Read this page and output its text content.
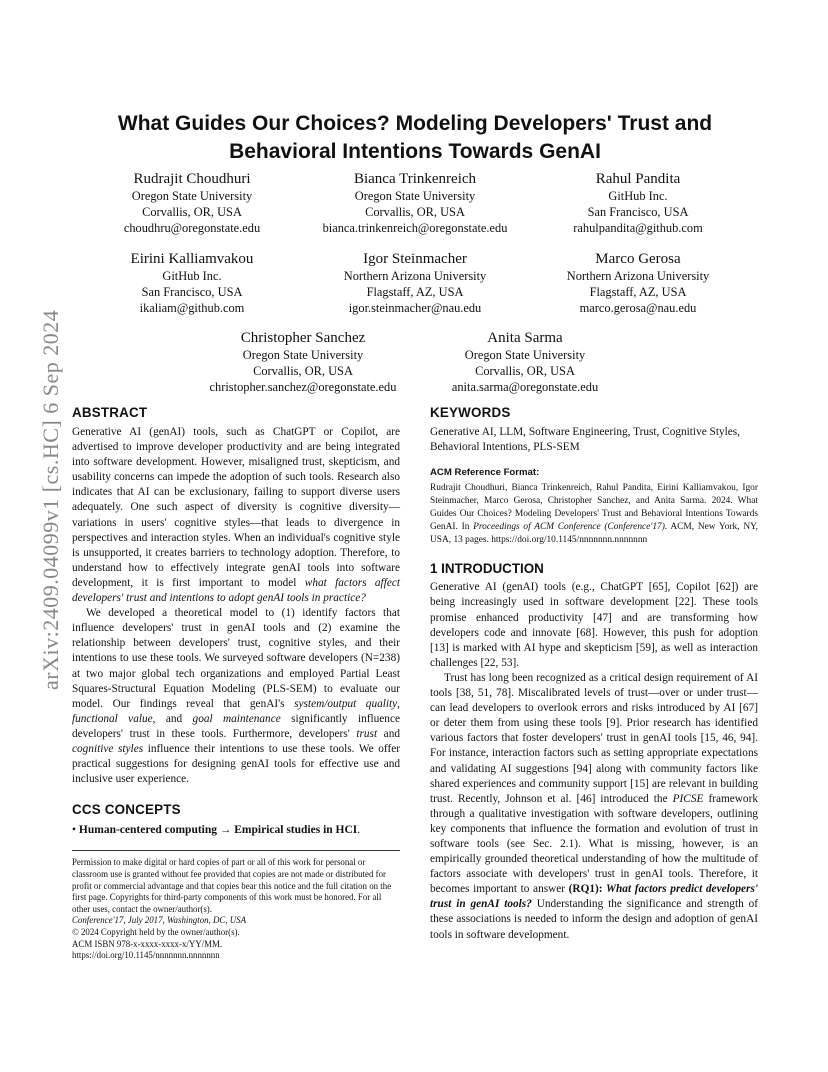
arXiv:2409.04099v1 [cs.HC] 6 Sep 2024
What Guides Our Choices? Modeling Developers' Trust and Behavioral Intentions Towards GenAI
Rudrajit Choudhuri
Oregon State University
Corvallis, OR, USA
choudhru@oregonstate.edu
Bianca Trinkenreich
Oregon State University
Corvallis, OR, USA
bianca.trinkenreich@oregonstate.edu
Rahul Pandita
GitHub Inc.
San Francisco, USA
rahulpandita@github.com
Eirini Kalliamvakou
GitHub Inc.
San Francisco, USA
ikaliam@github.com
Igor Steinmacher
Northern Arizona University
Flagstaff, AZ, USA
igor.steinmacher@nau.edu
Marco Gerosa
Northern Arizona University
Flagstaff, AZ, USA
marco.gerosa@nau.edu
Christopher Sanchez
Oregon State University
Corvallis, OR, USA
christopher.sanchez@oregonstate.edu
Anita Sarma
Oregon State University
Corvallis, OR, USA
anita.sarma@oregonstate.edu
ABSTRACT

Generative AI (genAI) tools, such as ChatGPT or Copilot, are advertised to improve developer productivity and are being integrated into software development. However, misaligned trust, skepticism, and usability concerns can impede the adoption of such tools. Research also indicates that AI can be exclusionary, failing to support diverse users adequately. One such aspect of diversity is cognitive diversity—variations in users' cognitive styles—that leads to divergence in perspectives and interaction styles. When an individual's cognitive style is unsupported, it creates barriers to technology adoption. Therefore, to understand how to effectively integrate genAI tools into software development, it is first important to model what factors affect developers' trust and intentions to adopt genAI tools in practice?

We developed a theoretical model to (1) identify factors that influence developers' trust in genAI tools and (2) examine the relationship between developers' trust, cognitive styles, and their intentions to use these tools. We surveyed software developers (N=238) at two major global tech organizations and employed Partial Least Squares-Structural Equation Modeling (PLS-SEM) to evaluate our model. Our findings reveal that genAI's system/output quality, functional value, and goal maintenance significantly influence developers' trust in these tools. Furthermore, developers' trust and cognitive styles influence their intentions to use these tools. We offer practical suggestions for designing genAI tools for effective use and inclusive user experience.

CCS CONCEPTS
• Human-centered computing → Empirical studies in HCI.
Permission to make digital or hard copies of part or all of this work for personal or classroom use is granted without fee provided that copies are not made or distributed for profit or commercial advantage and that copies bear this notice and the full citation on the first page. Copyrights for third-party components of this work must be honored. For all other uses, contact the owner/author(s).
Conference'17, July 2017, Washington, DC, USA
© 2024 Copyright held by the owner/author(s).
ACM ISBN 978-x-xxxx-xxxx-x/YY/MM.
https://doi.org/10.1145/nnnnnnn.nnnnnnn
KEYWORDS

Generative AI, LLM, Software Engineering, Trust, Cognitive Styles, Behavioral Intentions, PLS-SEM

ACM Reference Format:
Rudrajit Choudhuri, Bianca Trinkenreich, Rahul Pandita, Eirini Kalliamvakou, Igor Steinmacher, Marco Gerosa, Christopher Sanchez, and Anita Sarma. 2024. What Guides Our Choices? Modeling Developers' Trust and Behavioral Intentions Towards GenAI. In Proceedings of ACM Conference (Conference'17). ACM, New York, NY, USA, 13 pages. https://doi.org/10.1145/nnnnnnn.nnnnnnn
1 INTRODUCTION

Generative AI (genAI) tools (e.g., ChatGPT [65], Copilot [62]) are being increasingly used in software development [22]. These tools promise enhanced productivity [47] and are transforming how developers code and innovate [68]. However, this push for adoption [13] is marked with AI hype and skepticism [59], as well as interaction challenges [22, 53].

Trust has long been recognized as a critical design requirement of AI tools [38, 51, 78]. Miscalibrated levels of trust—over or under trust—can lead developers to overlook errors and risks introduced by AI [67] or deter them from using these tools [9]. Prior research has identified various factors that foster developers' trust in genAI tools [15, 46, 94]. For instance, interaction factors such as setting appropriate expectations and validating AI suggestions [94] along with community factors like shared experiences and community support [15] are relevant in building trust. Recently, Johnson et al. [46] introduced the PICSE framework through a qualitative investigation with software developers, outlining key components that influence the formation and evolution of trust in software tools (see Sec. 2.1). What is missing, however, is an empirically grounded theoretical understanding of how the multitude of factors associate with developers' trust in genAI tools. Therefore, it becomes important to answer (RQ1): What factors predict developers' trust in genAI tools? Understanding the significance and strength of these associations is needed to inform the design and adoption of genAI tools in software development.
